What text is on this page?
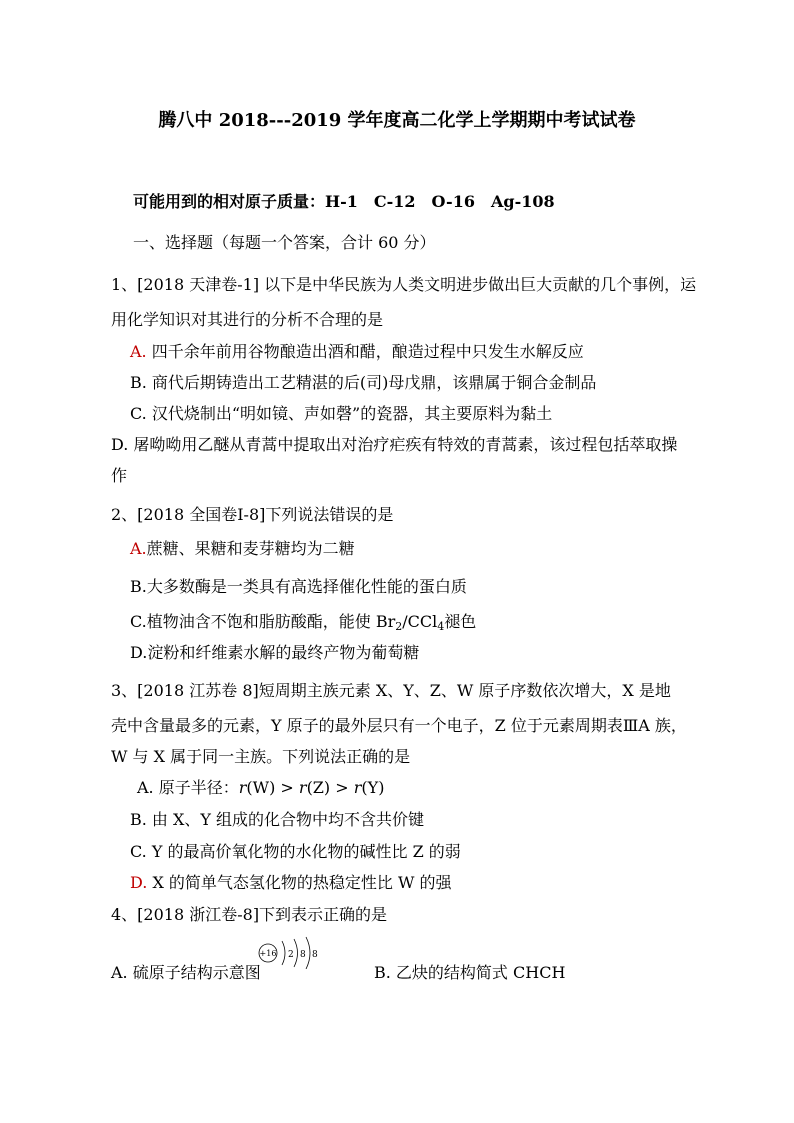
腾八中 2018---2019 学年度高二化学上学期期中考试试卷
可能用到的相对原子质量：H-1　C-12　O-16　Ag-108
一、选择题（每题一个答案，合计 60 分）
1、[2018 天津卷-1] 以下是中华民族为人类文明进步做出巨大贡献的几个事例，运
用化学知识对其进行的分析不合理的是
A. 四千余年前用谷物酿造出酒和醋，酿造过程中只发生水解反应
B. 商代后期铸造出工艺精湛的后(司)母戊鼎，该鼎属于铜合金制品
C. 汉代烧制出“明如镜、声如磬”的瓷器，其主要原料为黏土
D. 屠呦呦用乙醚从青蒿中提取出对治疗疟疾有特效的青蒿素，该过程包括萃取操
作
2、[2018 全国卷Ⅰ-8]下列说法错误的是
A.蔗糖、果糖和麦芽糖均为二糖
B.大多数酶是一类具有高选择催化性能的蛋白质
C.植物油含不饱和脂肪酸酯，能使 $Br_2/CCl_4$褪色
D.淀粉和纤维素水解的最终产物为葡萄糖
3、[2018 江苏卷 8]短周期主族元素 X、Y、Z、W 原子序数依次增大，X 是地
壳中含量最多的元素，Y 原子的最外层只有一个电子，Z 位于元素周期表ⅢA 族，
W 与 X 属于同一主族。下列说法正确的是
A. 原子半径：r(W) > r(Z) > r(Y)
B. 由 X、Y 组成的化合物中均不含共价键
C. Y 的最高价氧化物的水化物的碱性比 Z 的弱
D. X 的简单气态氢化物的热稳定性比 W 的强
4、[2018 浙江卷-8]下到表示正确的是
A. 硫原子结构示意图
+16 2 8 8
B. 乙炔的结构简式 CHCH
